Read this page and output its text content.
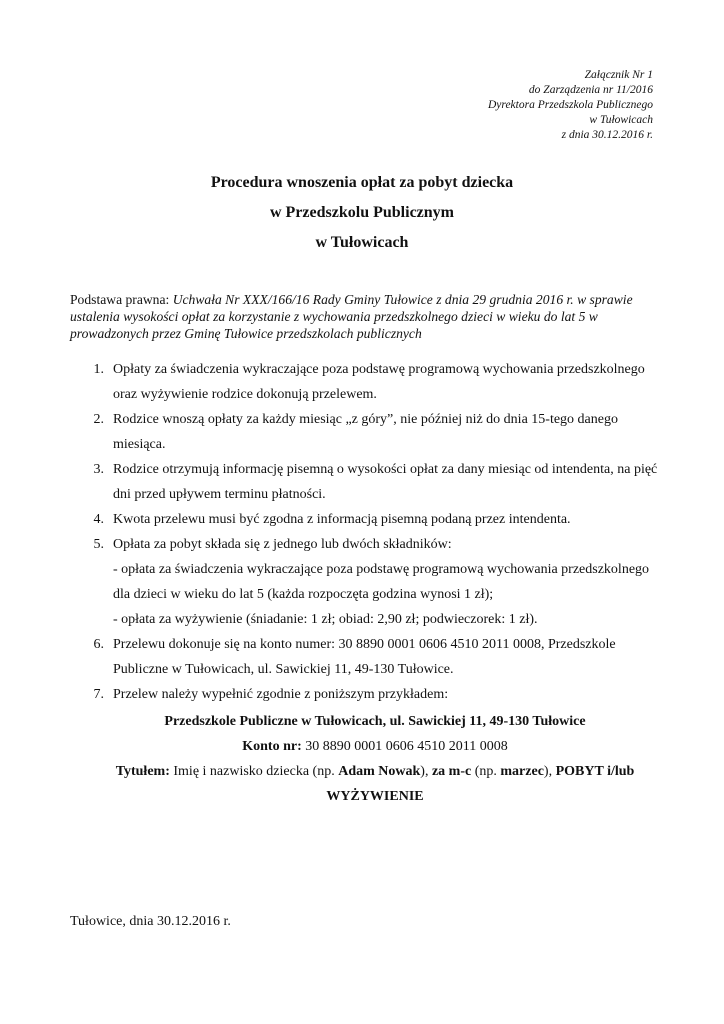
Załącznik Nr 1
do Zarządzenia nr 11/2016
Dyrektora Przedszkola Publicznego
w Tułowicach
z dnia 30.12.2016 r.
Procedura wnoszenia opłat za pobyt dziecka
w Przedszkolu Publicznym
w Tułowicach
Podstawa prawna: Uchwała Nr XXX/166/16 Rady Gminy Tułowice z dnia 29 grudnia 2016 r. w sprawie ustalenia wysokości opłat za korzystanie z wychowania przedszkolnego dzieci w wieku do lat 5 w prowadzonych przez Gminę Tułowice przedszkolach publicznych
1. Opłaty za świadczenia wykraczające poza podstawę programową wychowania przedszkolnego oraz wyżywienie rodzice dokonują przelewem.
2. Rodzice wnoszą opłaty za każdy miesiąc „z góry”, nie później niż do dnia 15-tego danego miesiąca.
3. Rodzice otrzymują informację pisemną o wysokości opłat za dany miesiąc od intendenta, na pięć dni przed upływem terminu płatności.
4. Kwota przelewu musi być zgodna z informacją pisemną podaną przez intendenta.
5. Opłata za pobyt składa się z jednego lub dwóch składników:
- opłata za świadczenia wykraczające poza podstawę programową wychowania przedszkolnego dla dzieci w wieku do lat 5 (każda rozpoczęta godzina wynosi 1 zł);
- opłata za wyżywienie (śniadanie: 1 zł; obiad: 2,90 zł; podwieczorek: 1 zł).
6. Przelewu dokonuje się na konto numer: 30 8890 0001 0606 4510 2011 0008, Przedszkole Publiczne w Tułowicach, ul. Sawickiej 11, 49-130 Tułowice.
7. Przelew należy wypełnić zgodnie z poniższym przykładem:
Przedszkole Publiczne w Tułowicach, ul. Sawickiej 11, 49-130 Tułowice
Konto nr: 30 8890 0001 0606 4510 2011 0008
Tytułem: Imię i nazwisko dziecka (np. Adam Nowak), za m-c (np. marzec), POBYT i/lub
WYŻYWIENIE
Tułowice, dnia 30.12.2016 r.
